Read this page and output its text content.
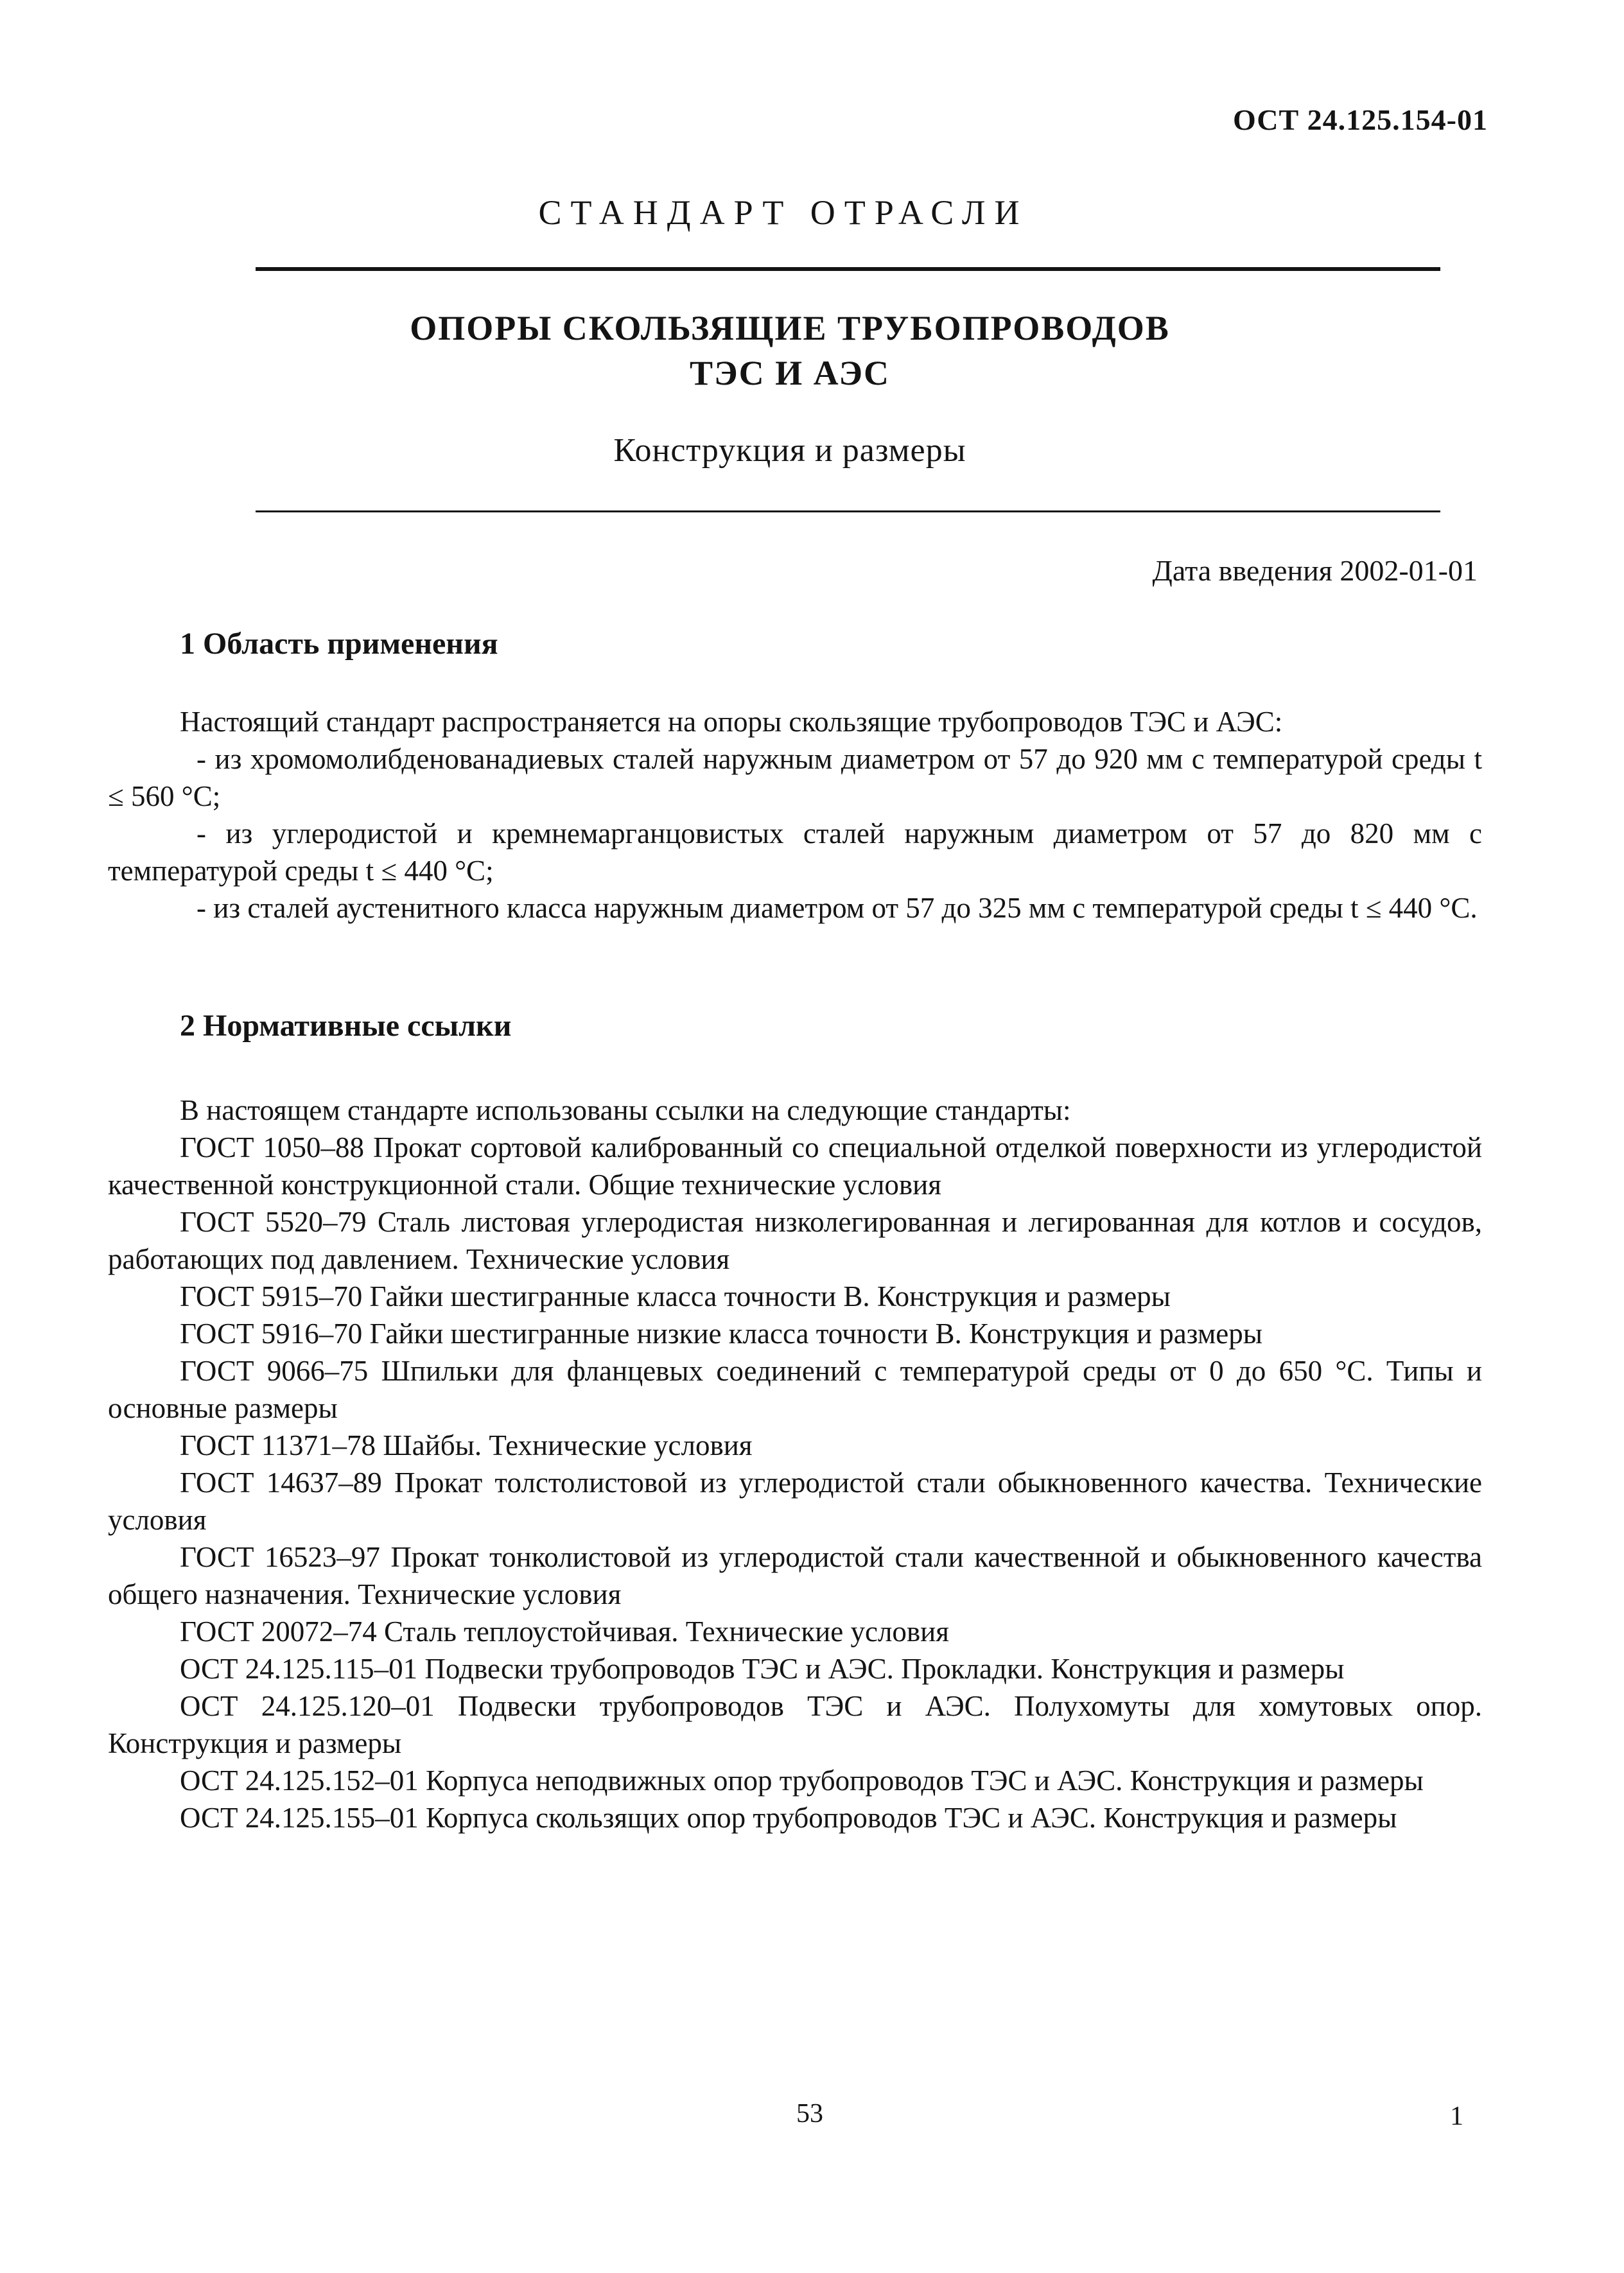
ОСТ 24.125.154-01
СТАНДАРТ ОТРАСЛИ
ОПОРЫ СКОЛЬЗЯЩИЕ ТРУБОПРОВОДОВ
ТЭС И АЭС
Конструкция и размеры
Дата введения 2002-01-01
1 Область применения

Настоящий стандарт распространяется на опоры скользящие трубопроводов ТЭС и АЭС:

- из хромомолибденованадиевых сталей наружным диаметром от 57 до 920 мм с температурой среды t ≤ 560 °С;

- из углеродистой и кремнемарганцовистых сталей наружным диаметром от 57 до 820 мм с температурой среды t ≤ 440 °С;

- из сталей аустенитного класса наружным диаметром от 57 до 325 мм с температурой среды t ≤ 440 °С.

2 Нормативные ссылки

В настоящем стандарте использованы ссылки на следующие стандарты:

ГОСТ 1050–88 Прокат сортовой калиброванный со специальной отделкой поверхности из углеродистой качественной конструкционной стали. Общие технические условия

ГОСТ 5520–79 Сталь листовая углеродистая низколегированная и легированная для котлов и сосудов, работающих под давлением. Технические условия

ГОСТ 5915–70 Гайки шестигранные класса точности В. Конструкция и размеры

ГОСТ 5916–70 Гайки шестигранные низкие класса точности В. Конструкция и размеры

ГОСТ 9066–75 Шпильки для фланцевых соединений с температурой среды от 0 до 650 °С. Типы и основные размеры

ГОСТ 11371–78 Шайбы. Технические условия

ГОСТ 14637–89 Прокат толстолистовой из углеродистой стали обыкновенного качества. Технические условия

ГОСТ 16523–97 Прокат тонколистовой из углеродистой стали качественной и обыкновенного качества общего назначения. Технические условия

ГОСТ 20072–74 Сталь теплоустойчивая. Технические условия

ОСТ 24.125.115–01 Подвески трубопроводов ТЭС и АЭС. Прокладки. Конструкция и размеры

ОСТ 24.125.120–01 Подвески трубопроводов ТЭС и АЭС. Полухомуты для хомутовых опор. Конструкция и размеры

ОСТ 24.125.152–01 Корпуса неподвижных опор трубопроводов ТЭС и АЭС. Конструкция и размеры

ОСТ 24.125.155–01 Корпуса скользящих опор трубопроводов ТЭС и АЭС. Конструкция и размеры

53	1
